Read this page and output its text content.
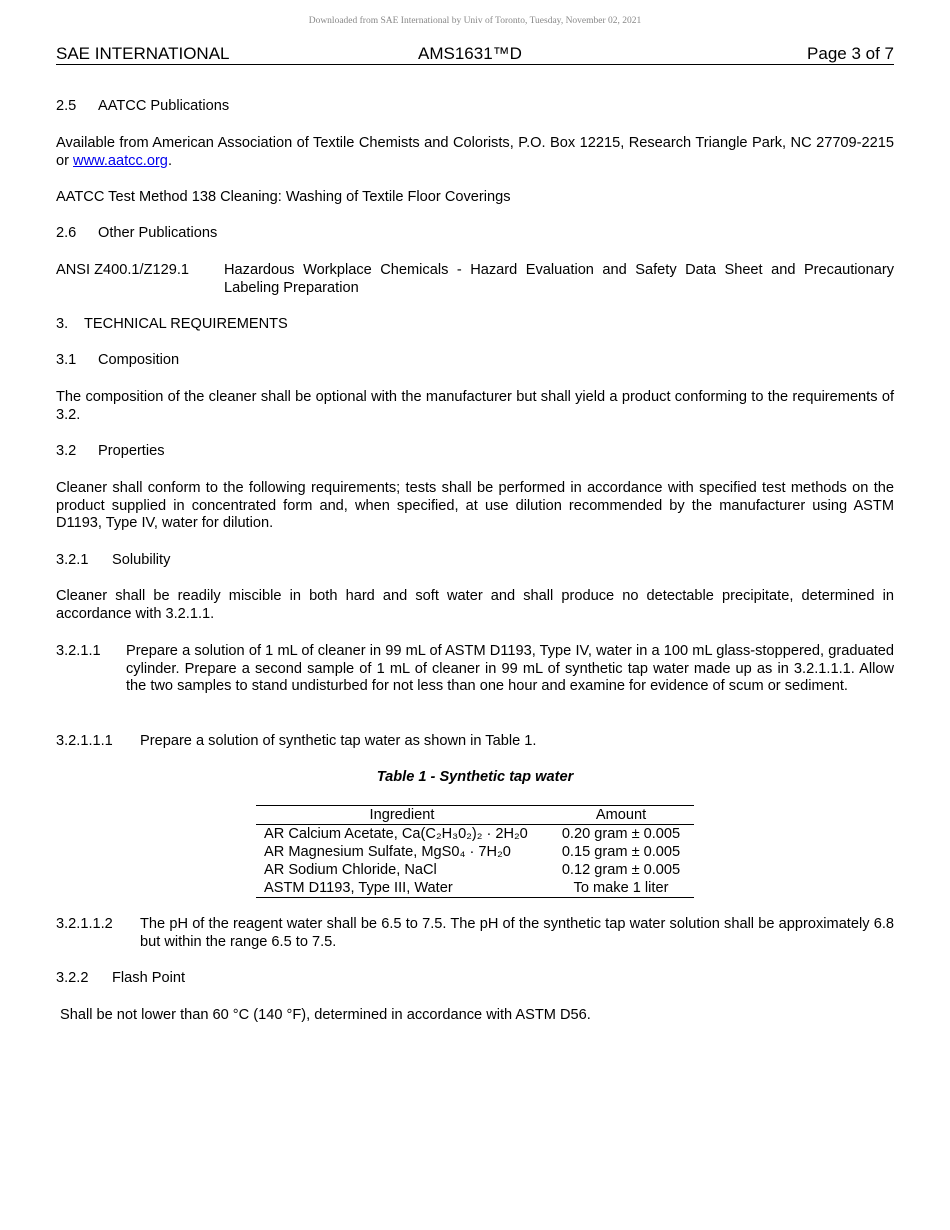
Downloaded from SAE International by Univ of Toronto, Tuesday, November 02, 2021
SAE INTERNATIONAL	AMS1631™D	Page 3 of 7
2.5 AATCC Publications
Available from American Association of Textile Chemists and Colorists, P.O. Box 12215, Research Triangle Park, NC 27709-2215 or www.aatcc.org.
AATCC Test Method 138 Cleaning: Washing of Textile Floor Coverings
2.6 Other Publications
ANSI Z400.1/Z129.1 Hazardous Workplace Chemicals - Hazard Evaluation and Safety Data Sheet and Precautionary Labeling Preparation
3. TECHNICAL REQUIREMENTS
3.1 Composition
The composition of the cleaner shall be optional with the manufacturer but shall yield a product conforming to the requirements of 3.2.
3.2 Properties
Cleaner shall conform to the following requirements; tests shall be performed in accordance with specified test methods on the product supplied in concentrated form and, when specified, at use dilution recommended by the manufacturer using ASTM D1193, Type IV, water for dilution.
3.2.1 Solubility
Cleaner shall be readily miscible in both hard and soft water and shall produce no detectable precipitate, determined in accordance with 3.2.1.1.
3.2.1.1 Prepare a solution of 1 mL of cleaner in 99 mL of ASTM D1193, Type IV, water in a 100 mL glass-stoppered, graduated cylinder. Prepare a second sample of 1 mL of cleaner in 99 mL of synthetic tap water made up as in 3.2.1.1.1. Allow the two samples to stand undisturbed for not less than one hour and examine for evidence of scum or sediment.
3.2.1.1.1 Prepare a solution of synthetic tap water as shown in Table 1.
Table 1 - Synthetic tap water
Ingredient	Amount
AR Calcium Acetate, Ca(C₂H₃0₂)₂ · 2H₂0	0.20 gram ± 0.005
AR Magnesium Sulfate, MgS0₄ · 7H₂0	0.15 gram ± 0.005
AR Sodium Chloride, NaCl	0.12 gram ± 0.005
ASTM D1193, Type III, Water	To make 1 liter
3.2.1.1.2 The pH of the reagent water shall be 6.5 to 7.5. The pH of the synthetic tap water solution shall be approximately 6.8 but within the range 6.5 to 7.5.
3.2.2 Flash Point
Shall be not lower than 60 °C (140 °F), determined in accordance with ASTM D56.
